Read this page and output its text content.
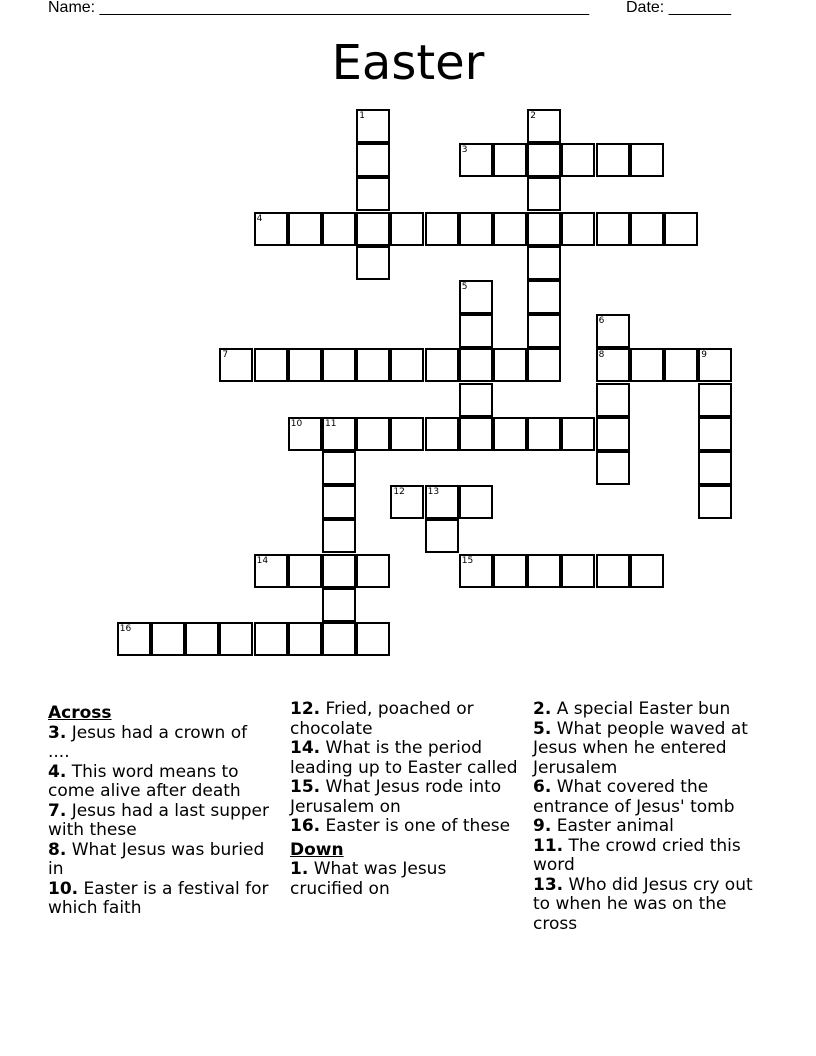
Name: _______________________________________________________ Date: _______
Easter
1	2
3
4
5
6
7	8	9
10	11
12	13
14	15
16
Across
3. Jesus had a crown of ....
4. This word means to come alive after death
7. Jesus had a last supper with these
8. What Jesus was buried in
10. Easter is a festival for which faith
12. Fried, poached or chocolate
14. What is the period leading up to Easter called
15. What Jesus rode into Jerusalem on
16. Easter is one of these
Down
1. What was Jesus crucified on
2. A special Easter bun
5. What people waved at Jesus when he entered Jerusalem
6. What covered the entrance of Jesus' tomb
9. Easter animal
11. The crowd cried this word
13. Who did Jesus cry out to when he was on the cross
